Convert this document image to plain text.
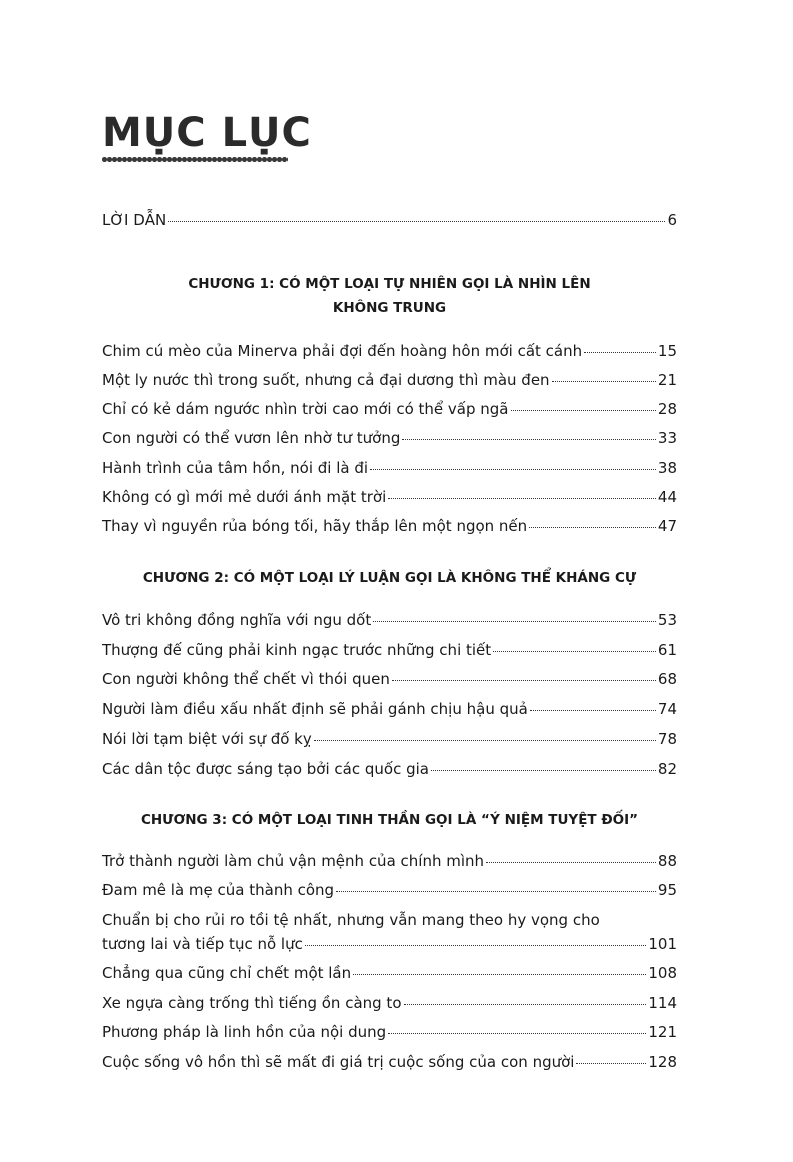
MỤC LỤC
LỜI DẪN	6
CHƯƠNG 1: CÓ MỘT LOẠI TỰ NHIÊN GỌI LÀ NHÌN LÊN
KHÔNG TRUNG
Chim cú mèo của Minerva phải đợi đến hoàng hôn mới cất cánh	15
Một ly nước thì trong suốt, nhưng cả đại dương thì màu đen	21
Chỉ có kẻ dám ngước nhìn trời cao mới có thể vấp ngã	28
Con người có thể vươn lên nhờ tư tưởng	33
Hành trình của tâm hồn, nói đi là đi	38
Không có gì mới mẻ dưới ánh mặt trời	44
Thay vì nguyền rủa bóng tối, hãy thắp lên một ngọn nến	47
CHƯƠNG 2: CÓ MỘT LOẠI LÝ LUẬN GỌI LÀ KHÔNG THỂ KHÁNG CỰ
Vô tri không đồng nghĩa với ngu dốt	53
Thượng đế cũng phải kinh ngạc trước những chi tiết	61
Con người không thể chết vì thói quen	68
Người làm điều xấu nhất định sẽ phải gánh chịu hậu quả	74
Nói lời tạm biệt với sự đố kỵ	78
Các dân tộc được sáng tạo bởi các quốc gia	82
CHƯƠNG 3: CÓ MỘT LOẠI TINH THẦN GỌI LÀ “Ý NIỆM TUYỆT ĐỐI”
Trở thành người làm chủ vận mệnh của chính mình	88
Đam mê là mẹ của thành công	95
Chuẩn bị cho rủi ro tồi tệ nhất, nhưng vẫn mang theo hy vọng cho
tương lai và tiếp tục nỗ lực	101
Chẳng qua cũng chỉ chết một lần	108
Xe ngựa càng trống thì tiếng ồn càng to	114
Phương pháp là linh hồn của nội dung	121
Cuộc sống vô hồn thì sẽ mất đi giá trị cuộc sống của con người	128
